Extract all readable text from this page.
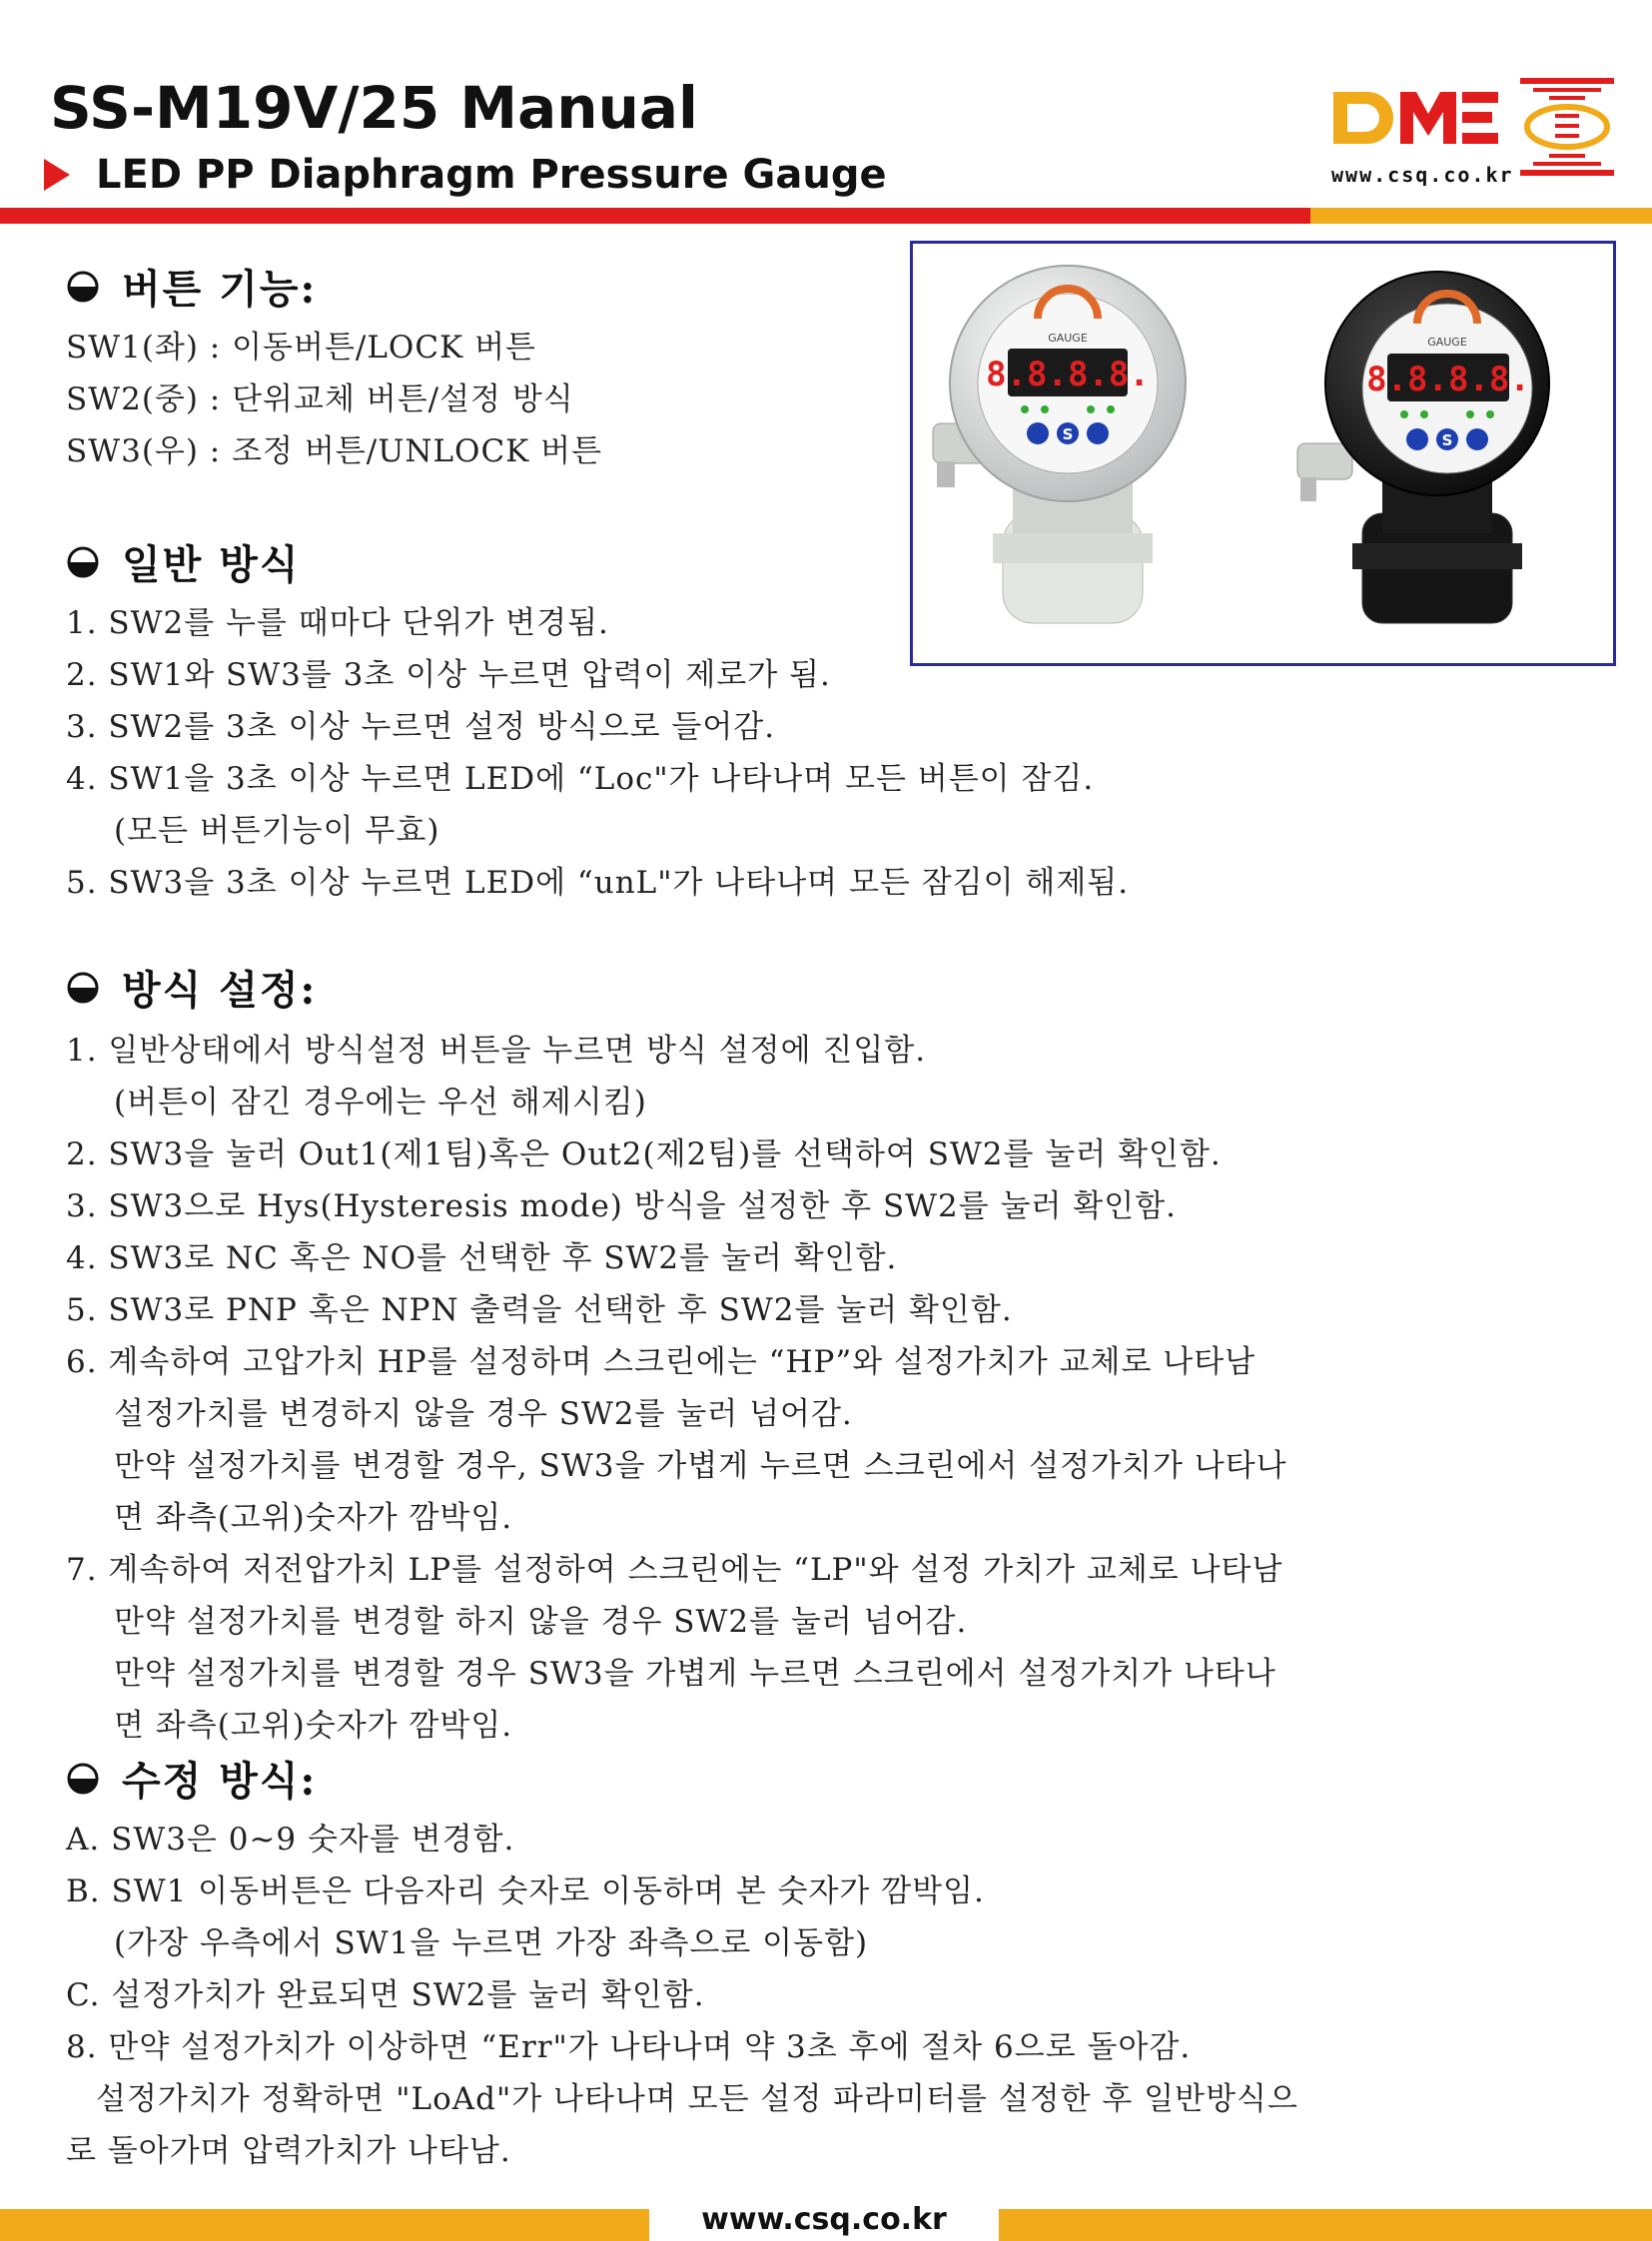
SS-M19V/25 Manual
LED PP Diaphragm Pressure Gauge	www.csq.co.kr
GAUGE
8.8.8.8.
S
GAUGE
8.8.8.8.
S
버튼 기능:
SW1(좌) : 이동버튼/LOCK 버튼
SW2(중) : 단위교체 버튼/설정 방식
SW3(우) : 조정 버튼/UNLOCK 버튼
일반 방식
1. SW2를 누를 때마다 단위가 변경됨.
2. SW1와 SW3를 3초 이상 누르면 압력이 제로가 됨.
3. SW2를 3초 이상 누르면 설정 방식으로 들어감.
4. SW1을 3초 이상 누르면 LED에 “Loc"가 나타나며 모든 버튼이 잠김.
(모든 버튼기능이 무효)
5. SW3을 3초 이상 누르면 LED에 “unL"가 나타나며 모든 잠김이 해제됨.
방식 설정:
1. 일반상태에서 방식설정 버튼을 누르면 방식 설정에 진입함.
(버튼이 잠긴 경우에는 우선 해제시킴)
2. SW3을 눌러 Out1(제1팀)혹은 Out2(제2팀)를 선택하여 SW2를 눌러 확인함.
3. SW3으로 Hys(Hysteresis mode) 방식을 설정한 후 SW2를 눌러 확인함.
4. SW3로 NC 혹은 NO를 선택한 후 SW2를 눌러 확인함.
5. SW3로 PNP 혹은 NPN 출력을 선택한 후 SW2를 눌러 확인함.
6. 계속하여 고압가치 HP를 설정하며 스크린에는 “HP”와 설정가치가 교체로 나타남
설정가치를 변경하지 않을 경우 SW2를 눌러 넘어감.
만약 설정가치를 변경할 경우, SW3을 가볍게 누르면 스크린에서 설정가치가 나타나
면 좌측(고위)숫자가 깜박임.
7. 계속하여 저전압가치 LP를 설정하여 스크린에는 “LP"와 설정 가치가 교체로 나타남
만약 설정가치를 변경할 하지 않을 경우 SW2를 눌러 넘어감.
만약 설정가치를 변경할 경우 SW3을 가볍게 누르면 스크린에서 설정가치가 나타나
면 좌측(고위)숫자가 깜박임.
수정 방식:
A. SW3은 0~9 숫자를 변경함.
B. SW1 이동버튼은 다음자리 숫자로 이동하며 본 숫자가 깜박임.
(가장 우측에서 SW1을 누르면 가장 좌측으로 이동함)
C. 설정가치가 완료되면 SW2를 눌러 확인함.
8. 만약 설정가치가 이상하면 “Err"가 나타나며 약 3초 후에 절차 6으로 돌아감.
설정가치가 정확하면 "LoAd"가 나타나며 모든 설정 파라미터를 설정한 후 일반방식으
로 돌아가며 압력가치가 나타남.
www.csq.co.kr
